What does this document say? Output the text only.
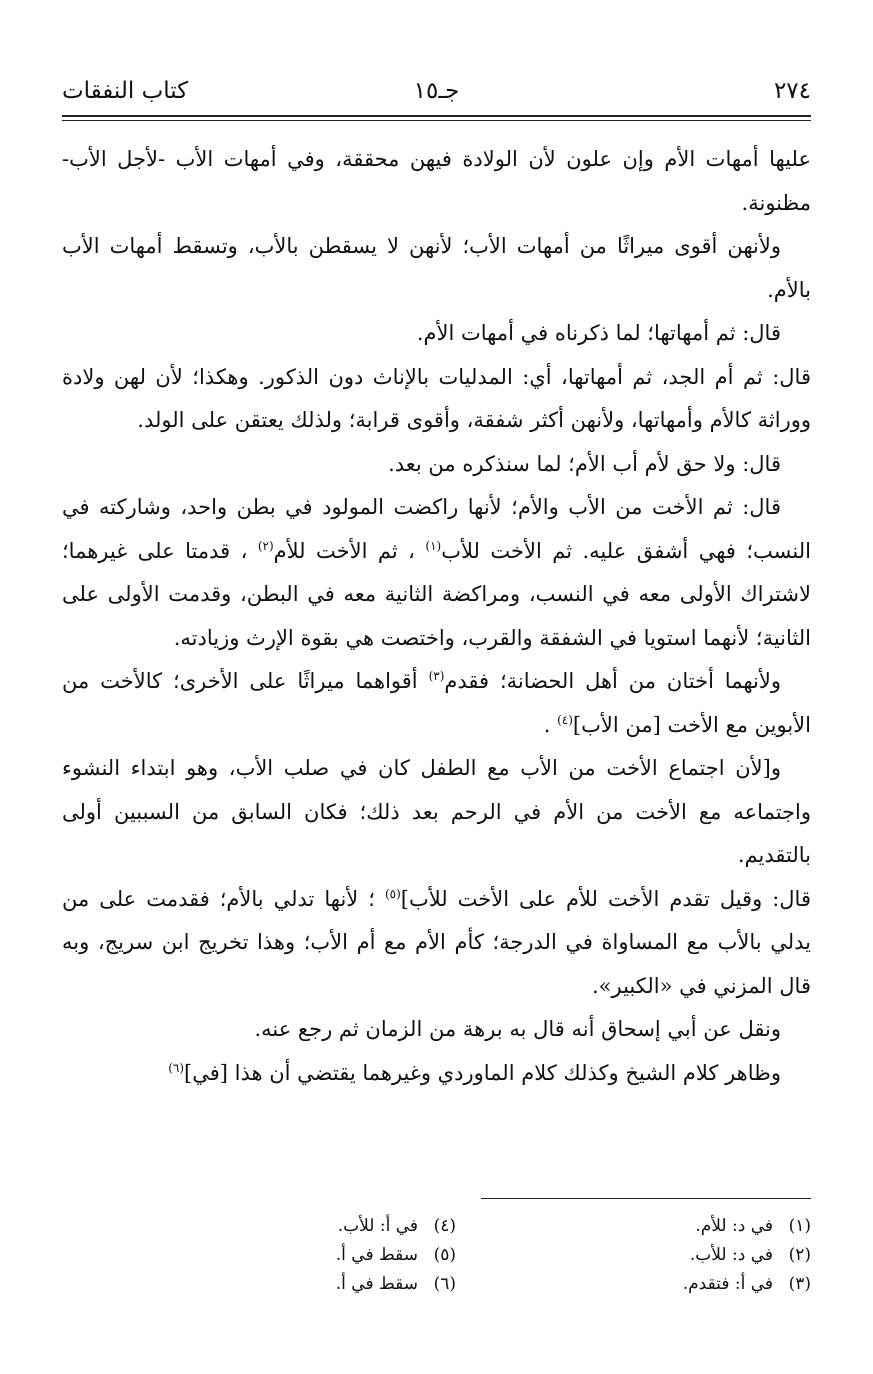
٢٧٤
جـ١٥
كتاب النفقات

عليها أمهات الأم وإن علون لأن الولادة فيهن محققة، وفي أمهات الأب -لأجل الأب- مظنونة.

ولأنهن أقوى ميراثًا من أمهات الأب؛ لأنهن لا يسقطن بالأب، وتسقط أمهات الأب بالأم.

قال: ثم أمهاتها؛ لما ذكرناه في أمهات الأم.

قال: ثم أم الجد، ثم أمهاتها، أي: المدليات بالإناث دون الذكور. وهكذا؛ لأن لهن ولادة ووراثة كالأم وأمهاتها، ولأنهن أكثر شفقة، وأقوى قرابة؛ ولذلك يعتقن على الولد.

قال: ولا حق لأم أب الأم؛ لما سنذكره من بعد.

قال: ثم الأخت من الأب والأم؛ لأنها راكضت المولود في بطن واحد، وشاركته في النسب؛ فهي أشفق عليه. ثم الأخت للأب$^{(١)}$ ، ثم الأخت للأم$^{(٢)}$ ، قدمتا على غيرهما؛ لاشتراك الأولى معه في النسب، ومراكضة الثانية معه في البطن، وقدمت الأولى على الثانية؛ لأنهما استويا في الشفقة والقرب، واختصت هي بقوة الإرث وزيادته.

ولأنهما أختان من أهل الحضانة؛ فقدم$^{(٣)}$ أقواهما ميراثًا على الأخرى؛ كالأخت من الأبوين مع الأخت [من الأب]$^{(٤)}$ .

و[لأن اجتماع الأخت من الأب مع الطفل كان في صلب الأب، وهو ابتداء النشوء واجتماعه مع الأخت من الأم في الرحم بعد ذلك؛ فكان السابق من السببين أولى بالتقديم.

قال: وقيل تقدم الأخت للأم على الأخت للأب]$^{(٥)}$ ؛ لأنها تدلي بالأم؛ فقدمت على من يدلي بالأب مع المساواة في الدرجة؛ كأم الأم مع أم الأب؛ وهذا تخريج ابن سريج، وبه قال المزني في «الكبير».

ونقل عن أبي إسحاق أنه قال به برهة من الزمان ثم رجع عنه.

وظاهر كلام الشيخ وكذلك كلام الماوردي وغيرهما يقتضي أن هذا [في]$^{(٦)}$

(١)في د: للأم.
(٢)في د: للأب.
(٣)في أ: فتقدم.
(٤)في أ: للأب.
(٥)سقط في أ.
(٦)سقط في أ.
